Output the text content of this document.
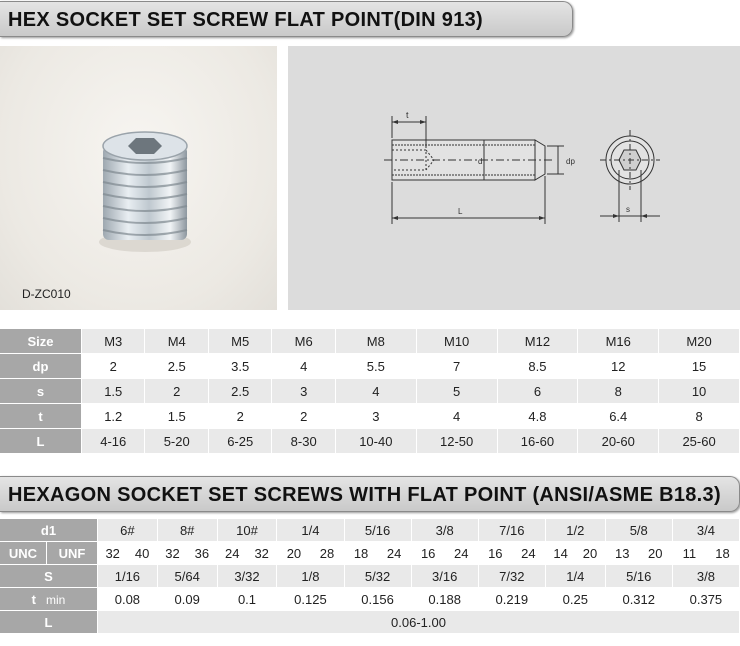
HEX SOCKET SET SCREW FLAT POINT(DIN 913)
D-ZC010
t
d	dp
L	s
Size	M3	M4	M5	M6	M8	M10	M12	M16	M20
dp	2	2.5	3.5	4	5.5	7	8.5	12	15
s	1.5	2	2.5	3	4	5	6	8	10
t	1.2	1.5	2	2	3	4	4.8	6.4	8
L	4-16	5-20	6-25	8-30	10-40	12-50	16-60	20-60	25-60
HEXAGON SOCKET SET SCREWS WITH FLAT POINT (ANSI/ASME B18.3)
d1		6#	8#	10#	1/4	5/16	3/8	7/16	1/2	5/8	3/4
UNC	UNF	32 40	32 36	24 32	20 28	18 24	16 24	16 24	14 20	13 20	11 18
S		1/16	5/64	3/32	1/8	5/32	3/16	7/32	1/4	5/16	3/8
t min		0.08	0.09	0.1	0.125	0.156	0.188	0.219	0.25	0.312	0.375
L		0.06-1.00									
